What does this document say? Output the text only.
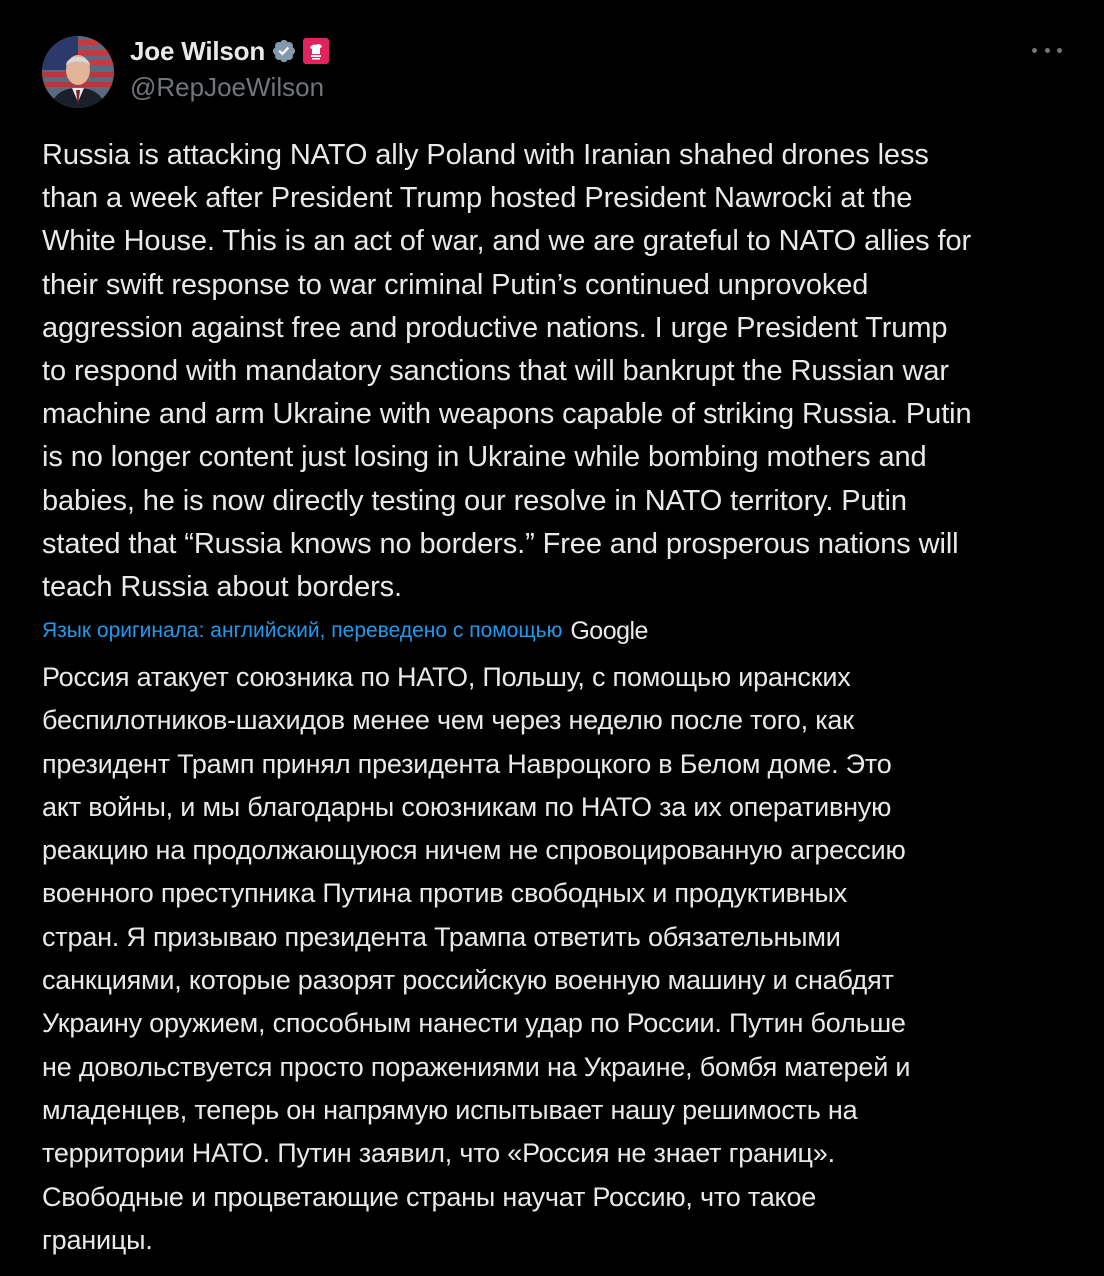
Joe Wilson
@RepJoeWilson

Russia is attacking NATO ally Poland with Iranian shahed drones less
than a week after President Trump hosted President Nawrocki at the
White House. This is an act of war, and we are grateful to NATO allies for
their swift response to war criminal Putin’s continued unprovoked
aggression against free and productive nations. I urge President Trump
to respond with mandatory sanctions that will bankrupt the Russian war
machine and arm Ukraine with weapons capable of striking Russia. Putin
is no longer content just losing in Ukraine while bombing mothers and
babies, he is now directly testing our resolve in NATO territory. Putin
stated that “Russia knows no borders.” Free and prosperous nations will
teach Russia about borders.

Язык оригинала: английский, переведено с помощью Google

Россия атакует союзника по НАТО, Польшу, с помощью иранских
беспилотников-шахидов менее чем через неделю после того, как
президент Трамп принял президента Навроцкого в Белом доме. Это
акт войны, и мы благодарны союзникам по НАТО за их оперативную
реакцию на продолжающуюся ничем не спровоцированную агрессию
военного преступника Путина против свободных и продуктивных
стран. Я призываю президента Трампа ответить обязательными
санкциями, которые разорят российскую военную машину и снабдят
Украину оружием, способным нанести удар по России. Путин больше
не довольствуется просто поражениями на Украине, бомбя матерей и
младенцев, теперь он напрямую испытывает нашу решимость на
территории НАТО. Путин заявил, что «Россия не знает границ».
Свободные и процветающие страны научат Россию, что такое
границы.
